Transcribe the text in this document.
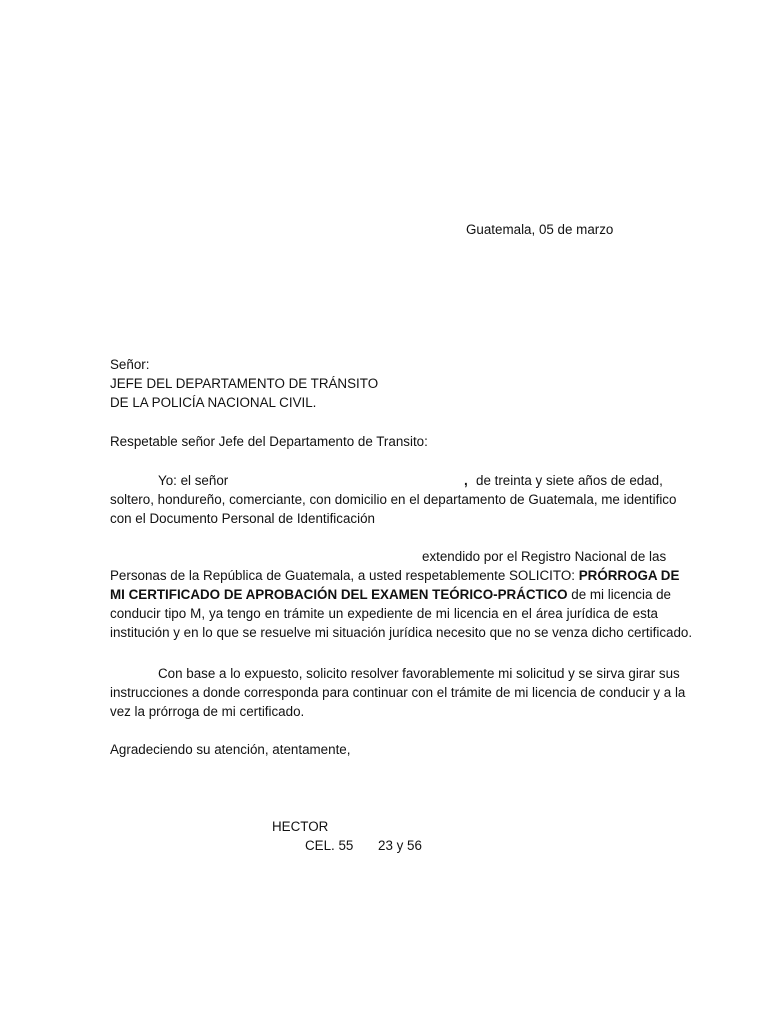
Guatemala, 05 de marzo
Señor:
JEFE DEL DEPARTAMENTO DE TRÁNSITO
DE LA POLICÍA NACIONAL CIVIL.
Respetable señor Jefe del Departamento de Transito:
Yo: el señor	, de treinta y siete años de edad,
soltero, hondureño, comerciante, con domicilio en el departamento de Guatemala, me identifico
con el Documento Personal de Identificación
extendido por el Registro Nacional de las
Personas de la República de Guatemala, a usted respetablemente SOLICITO: PRÓRROGA DE
MI CERTIFICADO DE APROBACIÓN DEL EXAMEN TEÓRICO-PRÁCTICO de mi licencia de
conducir tipo M, ya tengo en trámite un expediente de mi licencia en el área jurídica de esta
institución y en lo que se resuelve mi situación jurídica necesito que no se venza dicho certificado.
Con base a lo expuesto, solicito resolver favorablemente mi solicitud y se sirva girar sus
instrucciones a donde corresponda para continuar con el trámite de mi licencia de conducir y a la
vez la prórroga de mi certificado.
Agradeciendo su atención, atentamente,
HECTOR
CEL. 55 23 y 56
